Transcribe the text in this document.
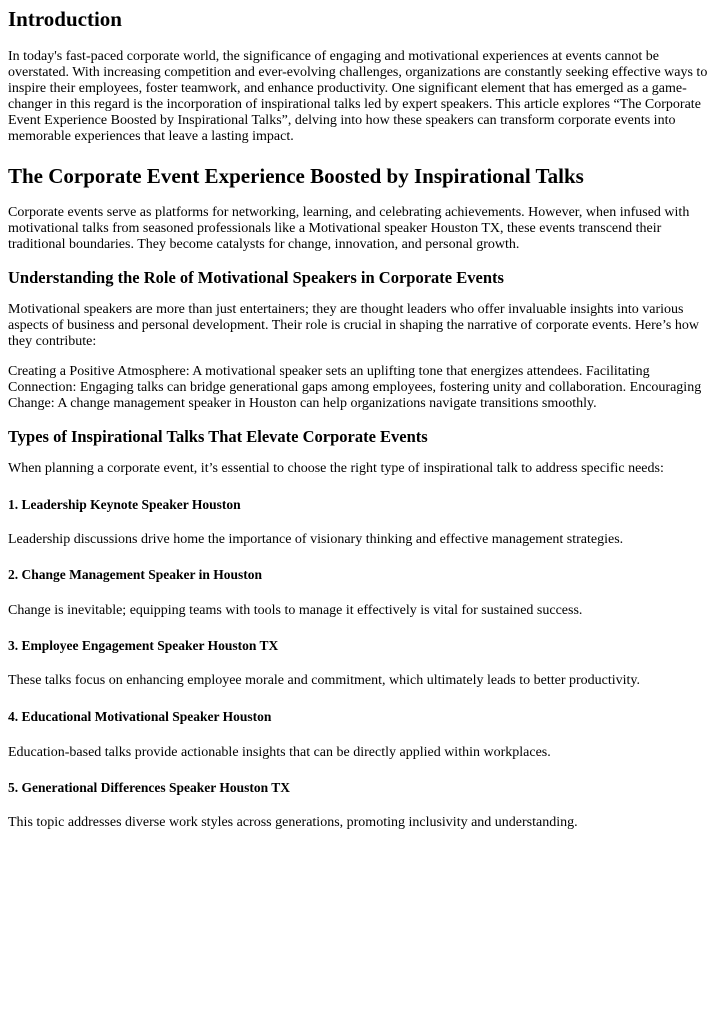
Introduction

In today's fast-paced corporate world, the significance of engaging and motivational experiences at events cannot be overstated. With increasing competition and ever-evolving challenges, organizations are constantly seeking effective ways to inspire their employees, foster teamwork, and enhance productivity. One significant element that has emerged as a game-changer in this regard is the incorporation of inspirational talks led by expert speakers. This article explores “The Corporate Event Experience Boosted by Inspirational Talks”, delving into how these speakers can transform corporate events into memorable experiences that leave a lasting impact.

The Corporate Event Experience Boosted by Inspirational Talks

Corporate events serve as platforms for networking, learning, and celebrating achievements. However, when infused with motivational talks from seasoned professionals like a Motivational speaker Houston TX, these events transcend their traditional boundaries. They become catalysts for change, innovation, and personal growth.

Understanding the Role of Motivational Speakers in Corporate Events

Motivational speakers are more than just entertainers; they are thought leaders who offer invaluable insights into various aspects of business and personal development. Their role is crucial in shaping the narrative of corporate events. Here’s how they contribute:

Creating a Positive Atmosphere: A motivational speaker sets an uplifting tone that energizes attendees. Facilitating Connection: Engaging talks can bridge generational gaps among employees, fostering unity and collaboration. Encouraging Change: A change management speaker in Houston can help organizations navigate transitions smoothly.

Types of Inspirational Talks That Elevate Corporate Events

When planning a corporate event, it’s essential to choose the right type of inspirational talk to address specific needs:

1. Leadership Keynote Speaker Houston

Leadership discussions drive home the importance of visionary thinking and effective management strategies.

2. Change Management Speaker in Houston

Change is inevitable; equipping teams with tools to manage it effectively is vital for sustained success.

3. Employee Engagement Speaker Houston TX

These talks focus on enhancing employee morale and commitment, which ultimately leads to better productivity.

4. Educational Motivational Speaker Houston

Education-based talks provide actionable insights that can be directly applied within workplaces.

5. Generational Differences Speaker Houston TX

This topic addresses diverse work styles across generations, promoting inclusivity and understanding.
